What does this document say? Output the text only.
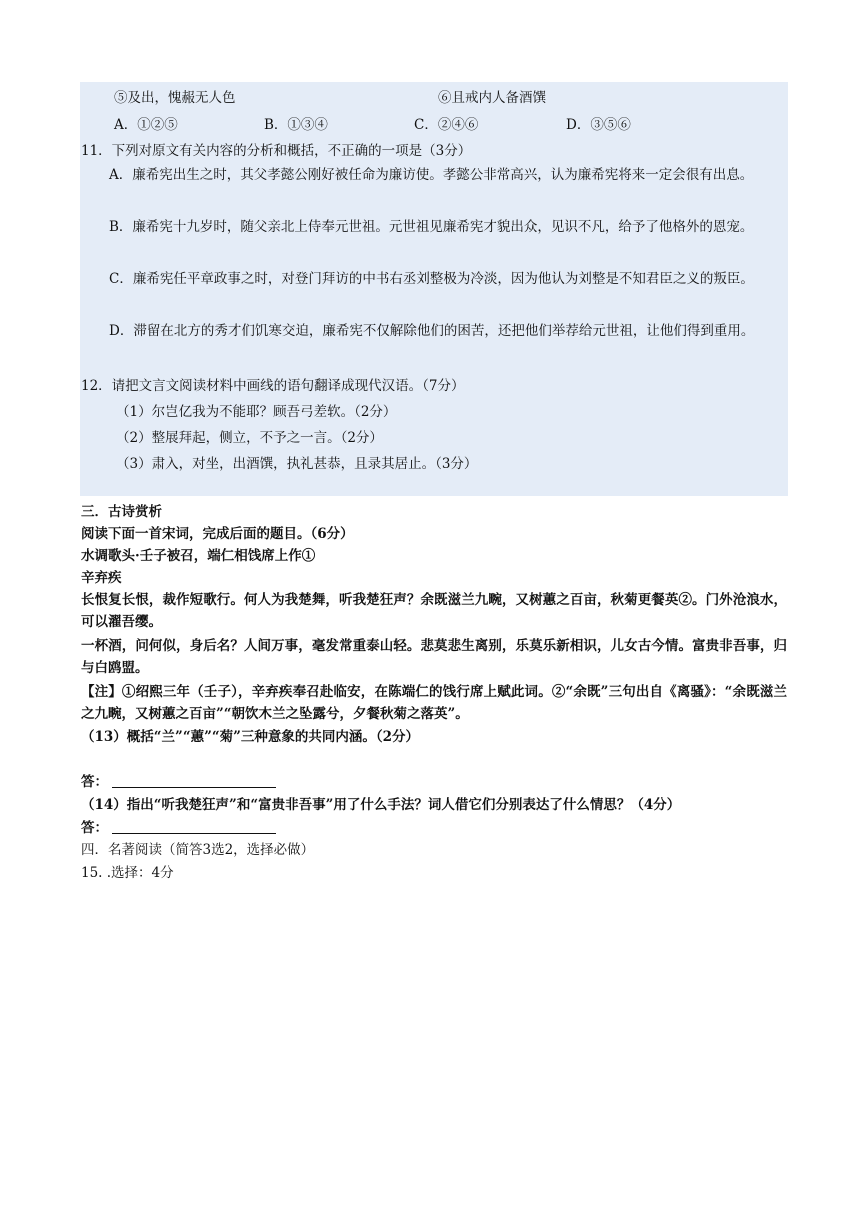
⑤及出，愧赧无人色	⑥且戒内人备酒馔
A．①②⑤	B．①③④	C．②④⑥	D．③⑤⑥
11．下列对原文有关内容的分析和概括，不正确的一项是（3分）
A．廉希宪出生之时，其父孝懿公刚好被任命为廉访使。孝懿公非常高兴，认为廉希宪将来一定会很有出息。
B．廉希宪十九岁时，随父亲北上侍奉元世祖。元世祖见廉希宪才貌出众，见识不凡，给予了他格外的恩宠。
C．廉希宪任平章政事之时，对登门拜访的中书右丞刘整极为冷淡，因为他认为刘整是不知君臣之义的叛臣。
D．滞留在北方的秀才们饥寒交迫，廉希宪不仅解除他们的困苦，还把他们举荐给元世祖，让他们得到重用。
12．请把文言文阅读材料中画线的语句翻译成现代汉语。（7分）
（1）尔岂亿我为不能耶？顾吾弓差软。（2分）
（2）整展拜起，侧立，不予之一言。（2分）
（3）肃入，对坐，出酒馔，执礼甚恭，且录其居止。（3分）
三．古诗赏析
阅读下面一首宋词，完成后面的题目。（6分）
水调歌头·壬子被召，端仁相饯席上作①
辛弃疾
长恨复长恨，裁作短歌行。何人为我楚舞，听我楚狂声？余既滋兰九畹，又树蕙之百亩，秋菊更餐英②。门外沧浪水，可以濯吾缨。
一杯酒，问何似，身后名？人间万事，毫发常重泰山轻。悲莫悲生离别，乐莫乐新相识，儿女古今情。富贵非吾事，归与白鸥盟。
【注】①绍熙三年（壬子），辛弃疾奉召赴临安，在陈端仁的饯行席上赋此词。②“余既”三句出自《离骚》：“余既滋兰之九畹，又树蕙之百亩”“朝饮木兰之坠露兮，夕餐秋菊之落英”。
（13）概括“兰”“蕙”“菊”三种意象的共同内涵。（2分）
答：
（14）指出“听我楚狂声”和“富贵非吾事”用了什么手法？词人借它们分别表达了什么情思？（4分）
答：
四．名著阅读（简答3选2，选择必做）
15. .选择：4分
